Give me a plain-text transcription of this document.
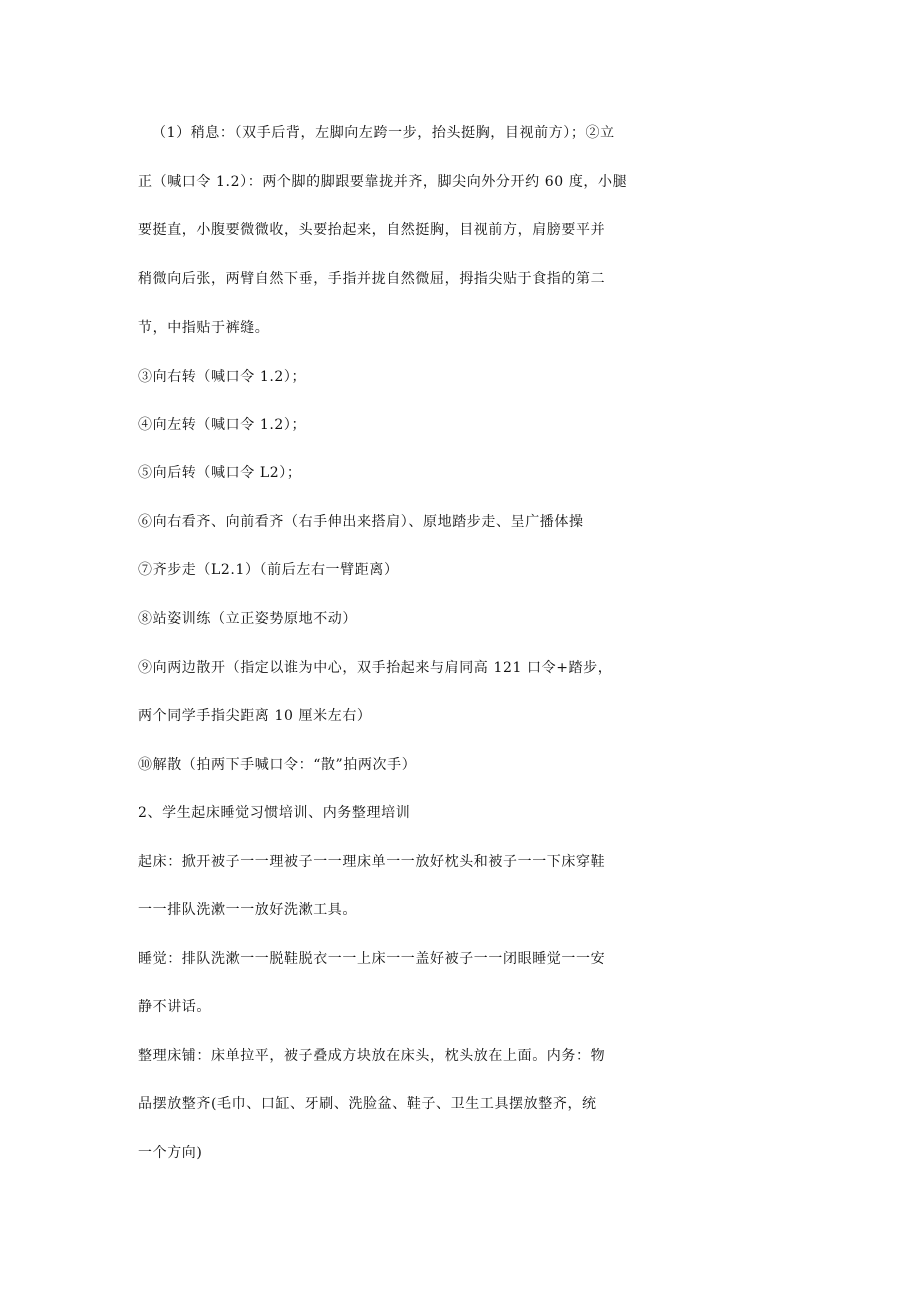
（1）稍息：（双手后背，左脚向左跨一步，抬头挺胸，目视前方）；②立
正（喊口令 1.2）：两个脚的脚跟要靠拢并齐，脚尖向外分开约 60 度，小腿
要挺直，小腹要微微收，头要抬起来，自然挺胸，目视前方，肩膀要平并
稍微向后张，两臂自然下垂，手指并拢自然微屈，拇指尖贴于食指的第二
节，中指贴于裤缝。
③向右转（喊口令 1.2）；
④向左转（喊口令 1.2）；
⑤向后转（喊口令 L2）；
⑥向右看齐、向前看齐（右手伸出来搭肩）、原地踏步走、呈广播体操
⑦齐步走（L2.1）（前后左右一臂距离）
⑧站姿训练（立正姿势原地不动）
⑨向两边散开（指定以谁为中心，双手抬起来与肩同高 121 口令+踏步，
两个同学手指尖距离 10 厘米左右）
⑩解散（拍两下手喊口令：“散”拍两次手）
2、学生起床睡觉习惯培训、内务整理培训
起床：掀开被子一一理被子一一理床单一一放好枕头和被子一一下床穿鞋
一一排队洗漱一一放好洗漱工具。
睡觉：排队洗漱一一脱鞋脱衣一一上床一一盖好被子一一闭眼睡觉一一安
静不讲话。
整理床铺：床单拉平，被子叠成方块放在床头，枕头放在上面。内务：物
品摆放整齐(毛巾、口缸、牙刷、洗脸盆、鞋子、卫生工具摆放整齐，统
一个方向)
